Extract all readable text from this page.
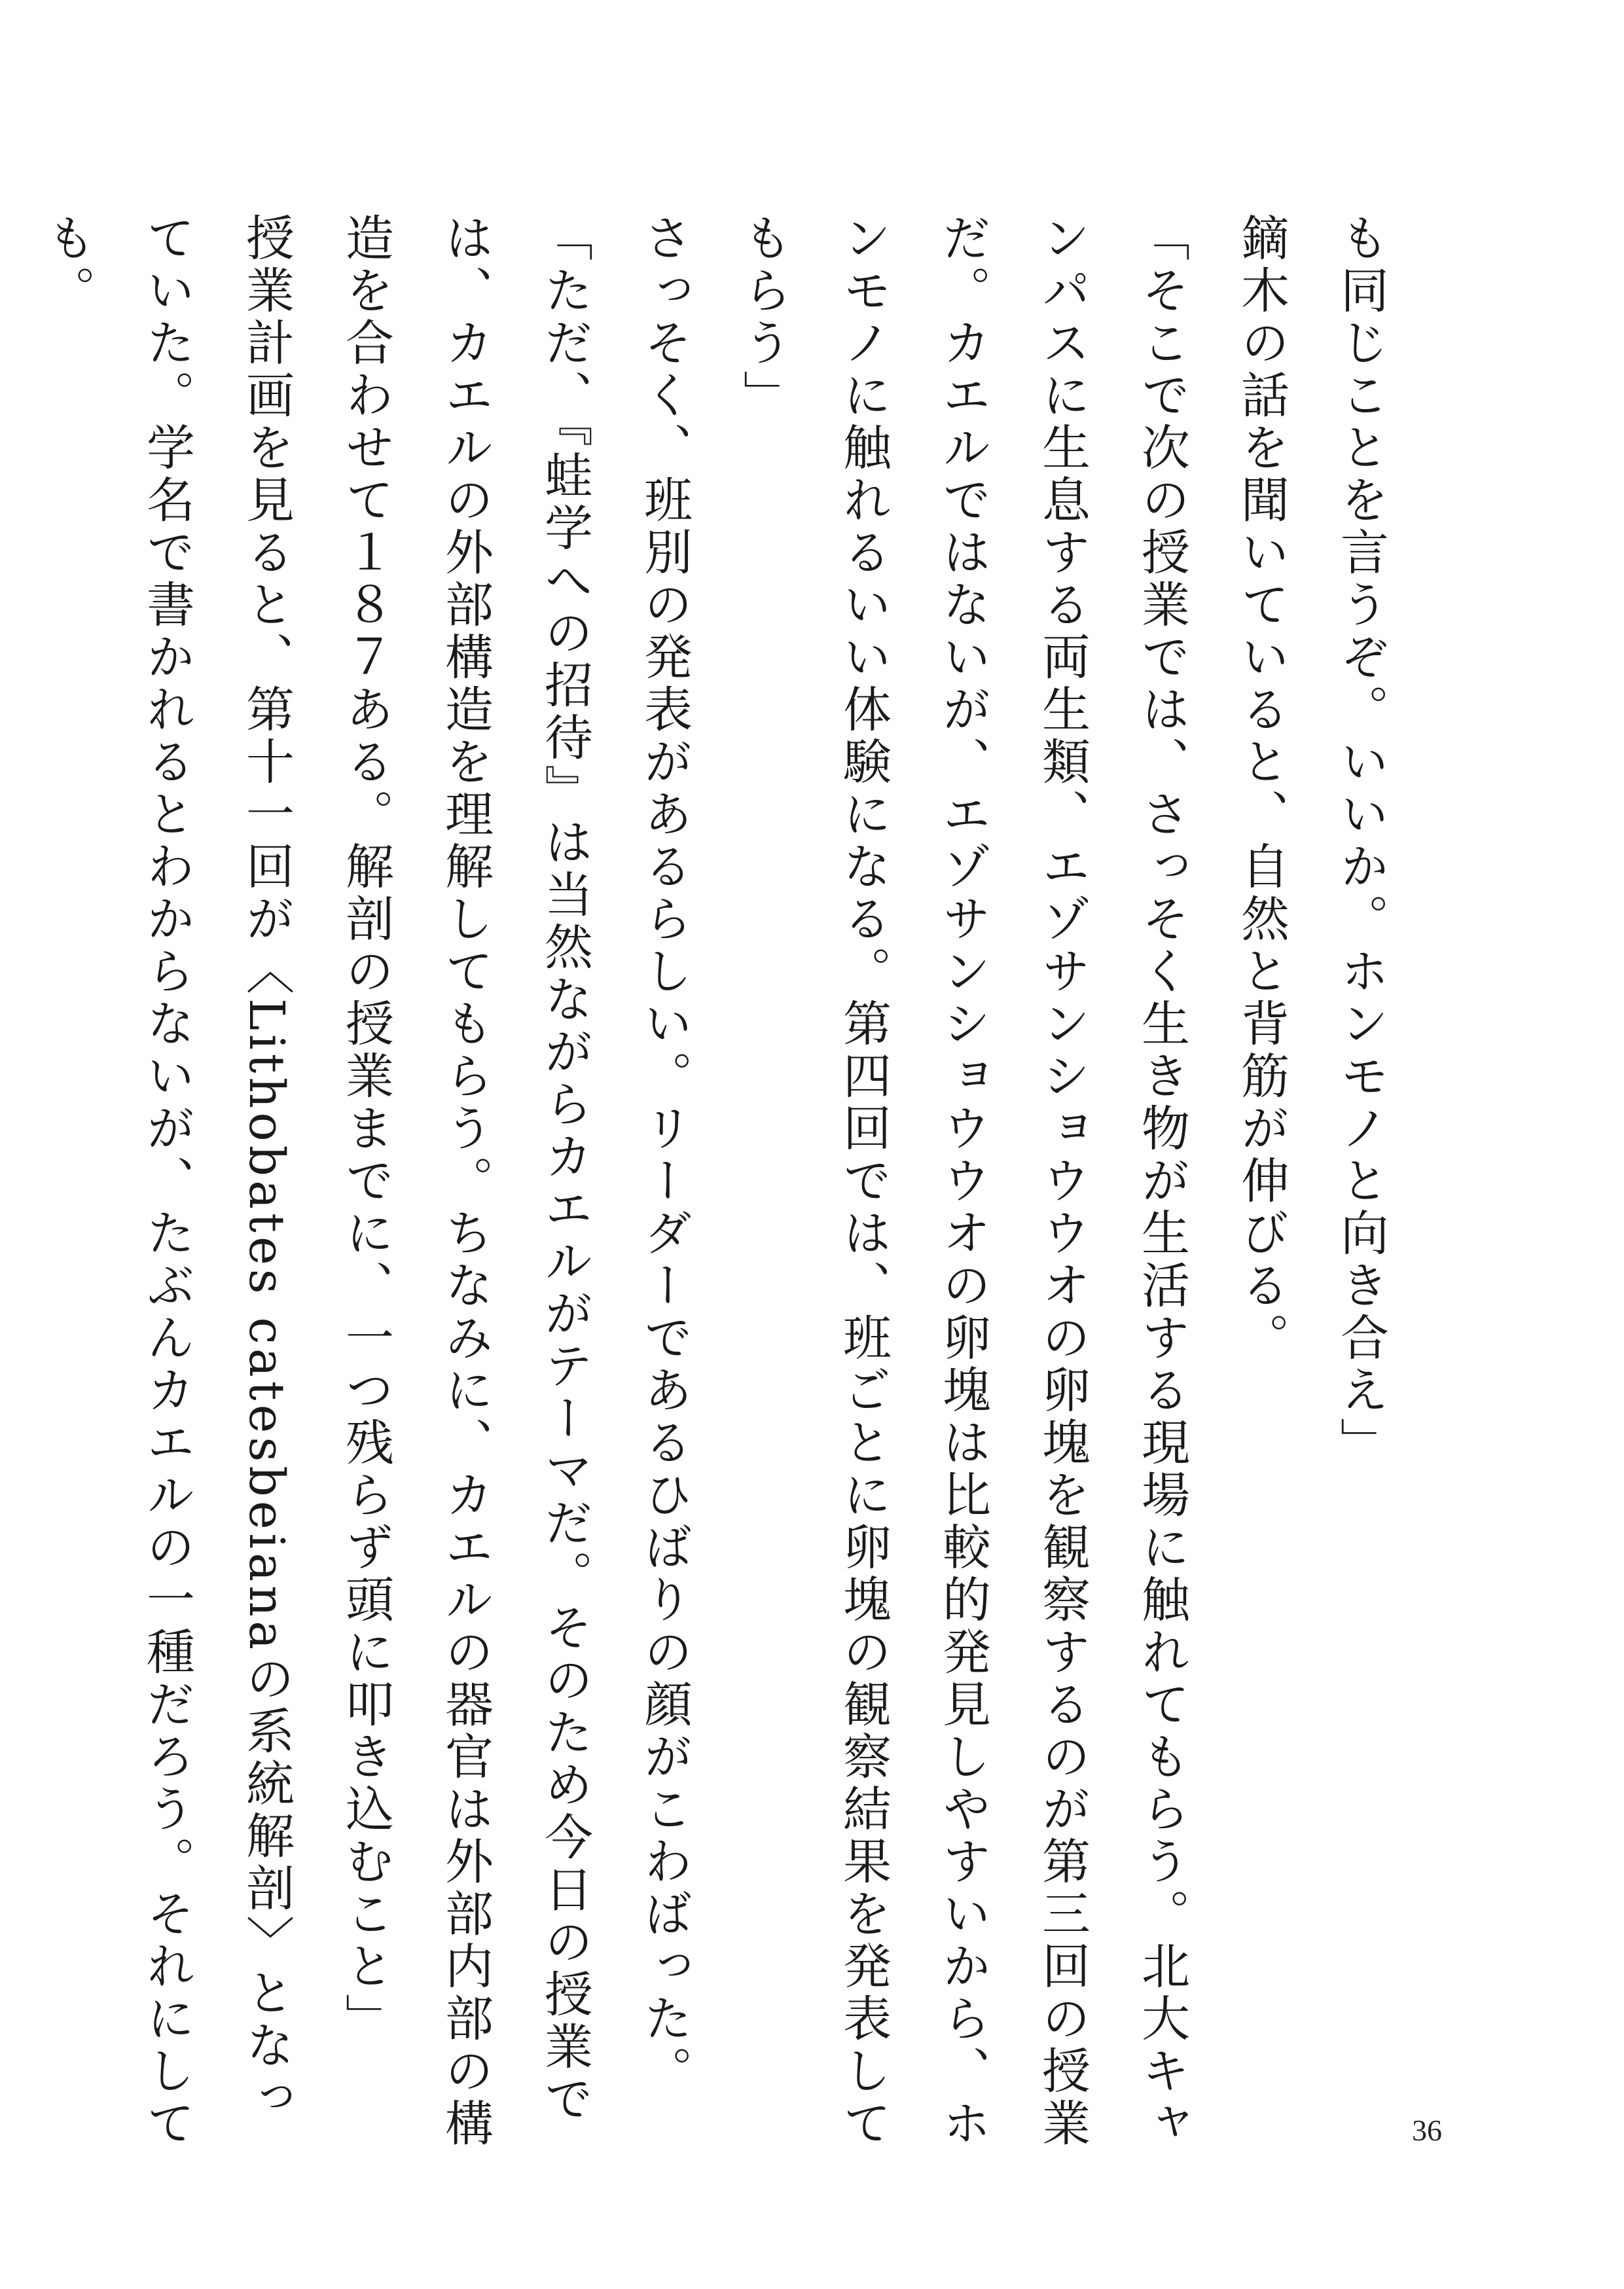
も同じことを言うぞ。いいか。ホンモノと向き合え」
鏑木の話を聞いていると、自然と背筋が伸びる。
「そこで次の授業では、さっそく生き物が生活する現場に触れてもらう。北大キャ
ンパスに生息する両生類、エゾサンショウウオの卵塊を観察するのが第三回の授業
だ。カエルではないが、エゾサンショウウオの卵塊は比較的発見しやすいから、ホ
ンモノに触れるいい体験になる。第四回では、班ごとに卵塊の観察結果を発表して
もらう」
さっそく、班別の発表があるらしい。リーダーであるひばりの顔がこわばった。
「ただ、『蛙学への招待』は当然ながらカエルがテーマだ。そのため今日の授業で
は、カエルの外部構造を理解してもらう。ちなみに、カエルの器官は外部内部の構
造を合わせて１８７ある。解剖の授業までに、一つ残らず頭に叩き込むこと」
授業計画を見ると、第十一回が〈Lithobates catesbeianaの系統解剖〉となっ
ていた。学名で書かれるとわからないが、たぶんカエルの一種だろう。それにして
も。
36
